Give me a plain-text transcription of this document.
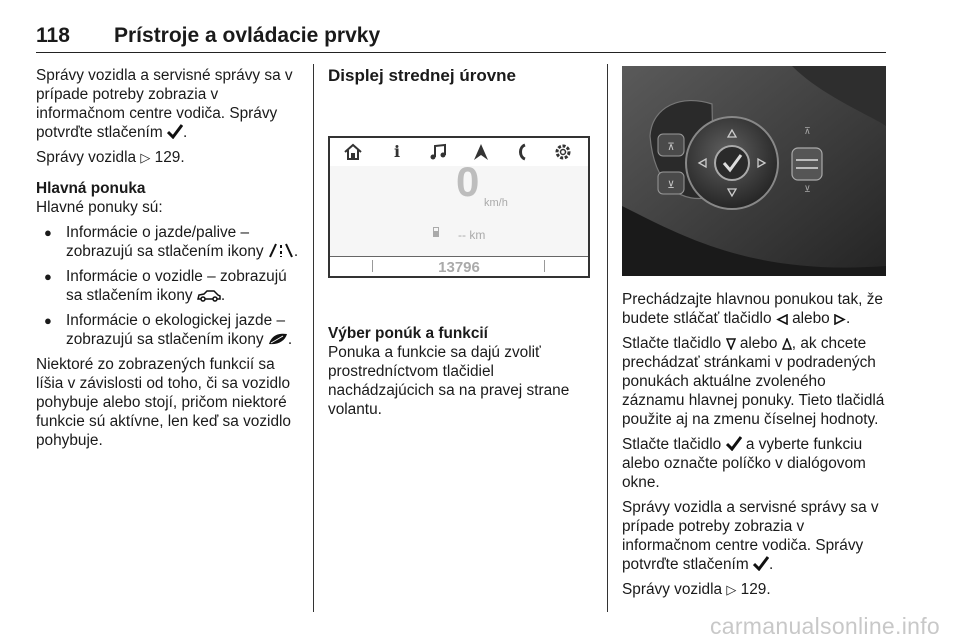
118 Prístroje a ovládacie prvky

Správy vozidla a servisné správy sa v prípade potreby zobrazia v informačnom centre vodiča. Správy potvrďte stlačením .

Správy vozidla ▷ 129.

Hlavná ponuka

Hlavné ponuky sú:

● Informácie o jazde/palive – zobrazujú sa stlačením ikony .
● Informácie o vozidle – zobrazujú sa stlačením ikony .
● Informácie o ekologickej jazde – zobrazujú sa stlačením ikony .

Niektoré zo zobrazených funkcií sa líšia v závislosti od toho, či sa vozidlo pohybuje alebo stojí, pričom niektoré funkcie sú aktívne, len keď sa vozidlo pohybuje.

Displej strednej úrovne

i
0 km/h
-- km
13796

Výber ponúk a funkcií

Ponuka a funkcie sa dajú zvoliť prostredníctvom tlačidiel nachádzajúcich sa na pravej strane volantu.

⊼
⊻
⊼
⊻

Prechádzajte hlavnou ponukou tak, že budete stláčať tlačidlo alebo .

Stlačte tlačidlo alebo , ak chcete prechádzať stránkami v podradených ponukách aktuálne zvoleného záznamu hlavnej ponuky. Tieto tlačidlá použite aj na zmenu číselnej hodnoty.

Stlačte tlačidlo a vyberte funkciu alebo označte políčko v dialógovom okne.

Správy vozidla a servisné správy sa v prípade potreby zobrazia v informačnom centre vodiča. Správy potvrďte stlačením .

Správy vozidla ▷ 129.

carmanualsonline.info
